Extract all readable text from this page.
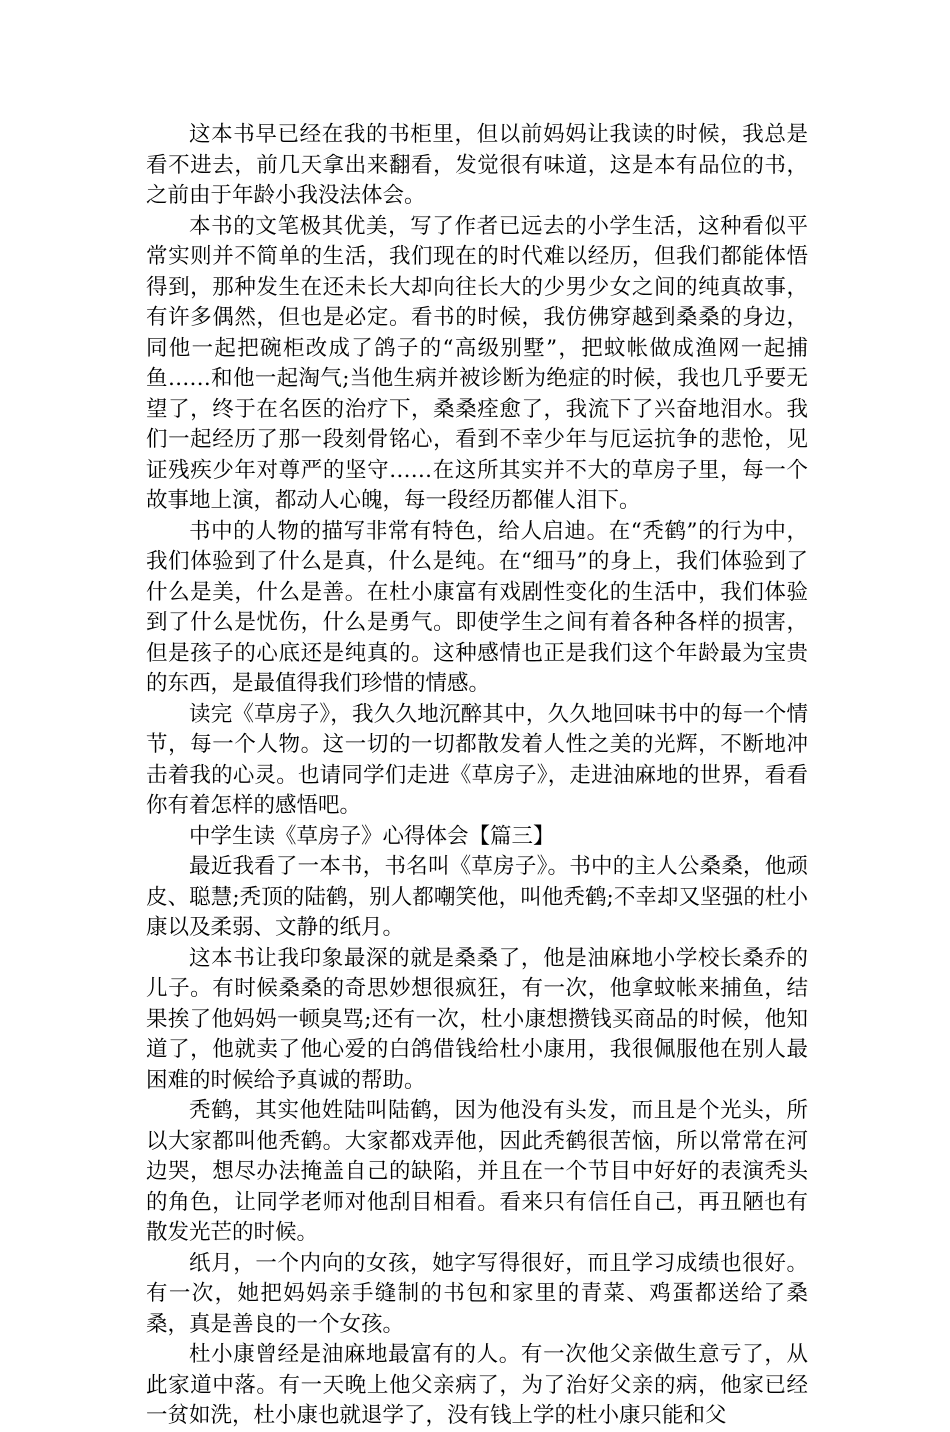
这本书早已经在我的书柜里，但以前妈妈让我读的时候，我总是看不进去，前几天拿出来翻看，发觉很有味道，这是本有品位的书，之前由于年龄小我没法体会。

本书的文笔极其优美，写了作者已远去的小学生活，这种看似平常实则并不简单的生活，我们现在的时代难以经历，但我们都能体悟得到，那种发生在还未长大却向往长大的少男少女之间的纯真故事，有许多偶然，但也是必定。看书的时候，我仿佛穿越到桑桑的身边，同他一起把碗柜改成了鸽子的“高级别墅”，把蚊帐做成渔网一起捕鱼……和他一起淘气;当他生病并被诊断为绝症的时候，我也几乎要无望了，终于在名医的治疗下，桑桑痊愈了，我流下了兴奋地泪水。我们一起经历了那一段刻骨铭心，看到不幸少年与厄运抗争的悲怆，见证残疾少年对尊严的坚守……在这所其实并不大的草房子里，每一个故事地上演，都动人心魄，每一段经历都催人泪下。

书中的人物的描写非常有特色，给人启迪。在“秃鹤”的行为中，我们体验到了什么是真，什么是纯。在“细马”的身上，我们体验到了什么是美，什么是善。在杜小康富有戏剧性变化的生活中，我们体验到了什么是忧伤，什么是勇气。即使学生之间有着各种各样的损害，但是孩子的心底还是纯真的。这种感情也正是我们这个年龄最为宝贵的东西，是最值得我们珍惜的情感。

读完《草房子》，我久久地沉醉其中，久久地回味书中的每一个情节，每一个人物。这一切的一切都散发着人性之美的光辉，不断地冲击着我的心灵。也请同学们走进《草房子》，走进油麻地的世界，看看你有着怎样的感悟吧。

中学生读《草房子》心得体会【篇三】

最近我看了一本书，书名叫《草房子》。书中的主人公桑桑，他顽皮、聪慧;秃顶的陆鹤，别人都嘲笑他，叫他秃鹤;不幸却又坚强的杜小康以及柔弱、文静的纸月。

这本书让我印象最深的就是桑桑了，他是油麻地小学校长桑乔的儿子。有时候桑桑的奇思妙想很疯狂，有一次，他拿蚊帐来捕鱼，结果挨了他妈妈一顿臭骂;还有一次，杜小康想攒钱买商品的时候，他知道了，他就卖了他心爱的白鸽借钱给杜小康用，我很佩服他在别人最困难的时候给予真诚的帮助。

秃鹤，其实他姓陆叫陆鹤，因为他没有头发，而且是个光头，所以大家都叫他秃鹤。大家都戏弄他，因此秃鹤很苦恼，所以常常在河边哭，想尽办法掩盖自己的缺陷，并且在一个节目中好好的表演秃头的角色，让同学老师对他刮目相看。看来只有信任自己，再丑陋也有散发光芒的时候。

纸月，一个内向的女孩，她字写得很好，而且学习成绩也很好。有一次，她把妈妈亲手缝制的书包和家里的青菜、鸡蛋都送给了桑桑，真是善良的一个女孩。

杜小康曾经是油麻地最富有的人。有一次他父亲做生意亏了，从此家道中落。有一天晚上他父亲病了，为了治好父亲的病，他家已经一贫如洗，杜小康也就退学了，没有钱上学的杜小康只能和父
